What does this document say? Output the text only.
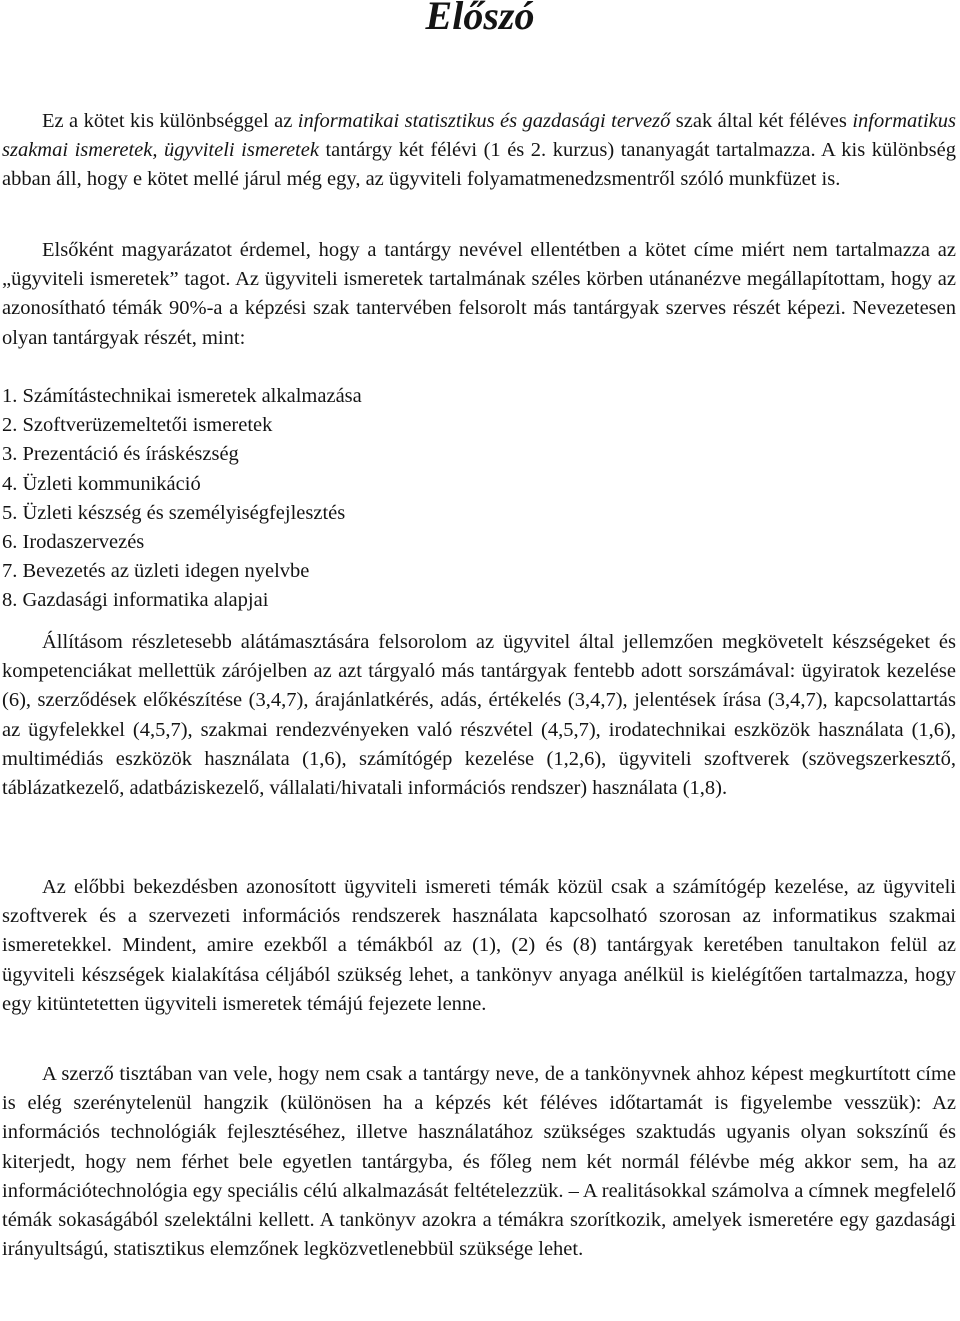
Előszó

Ez a kötet kis különbséggel az informatikai statisztikus és gazdasági tervező szak által két féléves informatikus szakmai ismeretek, ügyviteli ismeretek tantárgy két félévi (1 és 2. kurzus) tananyagát tartalmazza. A kis különbség abban áll, hogy e kötet mellé járul még egy, az ügyviteli folyamatmenedzsmentről szóló munkfüzet is.

Elsőként magyarázatot érdemel, hogy a tantárgy nevével ellentétben a kötet címe miért nem tartalmazza az „ügyviteli ismeretek” tagot. Az ügyviteli ismeretek tartalmának széles körben utánanézve megállapítottam, hogy az azonosítható témák 90%-a a képzési szak tantervében felsorolt más tantárgyak szerves részét képezi. Nevezetesen olyan tantárgyak részét, mint:

1. Számítástechnikai ismeretek alkalmazása
2. Szoftverüzemeltetői ismeretek
3. Prezentáció és íráskészség
4. Üzleti kommunikáció
5. Üzleti készség és személyiségfejlesztés
6. Irodaszervezés
7. Bevezetés az üzleti idegen nyelvbe
8. Gazdasági informatika alapjai

Állításom részletesebb alátámasztására felsorolom az ügyvitel által jellemzően megkövetelt készségeket és kompetenciákat mellettük zárójelben az azt tárgyaló más tantárgyak fentebb adott sorszámával: ügyiratok kezelése (6), szerződések előkészítése (3,4,7), árajánlatkérés, adás, értékelés (3,4,7), jelentések írása (3,4,7), kapcsolattartás az ügyfelekkel (4,5,7), szakmai rendezvényeken való részvétel (4,5,7), irodatechnikai eszközök használata (1,6), multimédiás eszközök használata (1,6), számítógép kezelése (1,2,6), ügyviteli szoftverek (szövegszerkesztő, táblázatkezelő, adatbáziskezelő, vállalati/hivatali információs rendszer) használata (1,8).

Az előbbi bekezdésben azonosított ügyviteli ismereti témák közül csak a számítógép kezelése, az ügyviteli szoftverek és a szervezeti információs rendszerek használata kapcsolható szorosan az informatikus szakmai ismeretekkel. Mindent, amire ezekből a témákból az (1), (2) és (8) tantárgyak keretében tanultakon felül az ügyviteli készségek kialakítása céljából szükség lehet, a tankönyv anyaga anélkül is kielégítően tartalmazza, hogy egy kitüntetetten ügyviteli ismeretek témájú fejezete lenne.

A szerző tisztában van vele, hogy nem csak a tantárgy neve, de a tankönyvnek ahhoz képest megkurtított címe is elég szerénytelenül hangzik (különösen ha a képzés két féléves időtartamát is figyelembe vesszük): Az információs technológiák fejlesztéséhez, illetve használatához szükséges szaktudás ugyanis olyan sokszínű és kiterjedt, hogy nem férhet bele egyetlen tantárgyba, és főleg nem két normál félévbe még akkor sem, ha az információtechnológia egy speciális célú alkalmazását feltételezzük. – A realitásokkal számolva a címnek megfelelő témák sokaságából szelektálni kellett. A tankönyv azokra a témákra szorítkozik, amelyek ismeretére egy gazdasági irányultságú, statisztikus elemzőnek legközvetlenebbül szüksége lehet.
